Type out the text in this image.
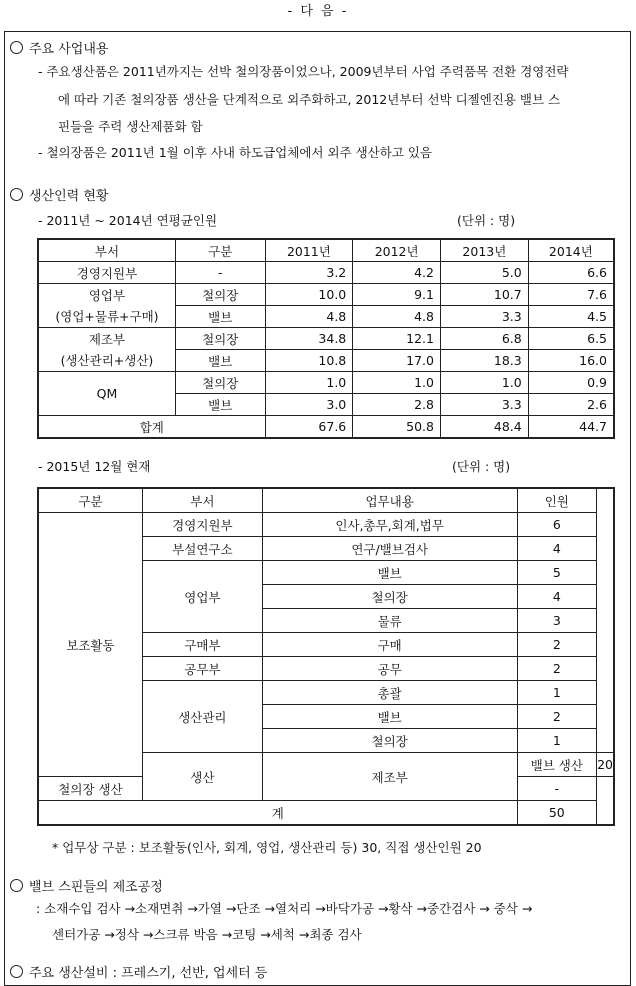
- 다 음 -
주요 사업내용
- 주요생산품은 2011년까지는 선박 철의장품이었으나, 2009년부터 사업 주력품목 전환 경영전략
에 따라 기존 철의장품 생산을 단계적으로 외주화하고, 2012년부터 선박 디젤엔진용 밸브 스
핀들을 주력 생산제품화 함
- 철의장품은 2011년 1월 이후 사내 하도급업체에서 외주 생산하고 있음
생산인력 현황
- 2011년 ~ 2014년 연평균인원	(단위 : 명)
부서	구분	2011년	2012년	2013년	2014년
경영지원부	-	3.2	4.2	5.0	6.6
영업부	철의장	10.0	9.1	10.7	7.6
(영업+물류+구매)	밸브	4.8	4.8	3.3	4.5
제조부	철의장	34.8	12.1	6.8	6.5
(생산관리+생산)	밸브	10.8	17.0	18.3	16.0
QM	철의장	1.0	1.0	1.0	0.9
	밸브	3.0	2.8	3.3	2.6
합계		67.6	50.8	48.4	44.7
- 2015년 12월 현재	(단위 : 명)
구분	부서	업무내용	인원	
보조활동	경영지원부	인사,총무,회계,법무	6	
	부설연구소	연구/밸브검사	4	
	영업부	밸브	5	
		철의장	4	
		물류	3	
	구매부	구매	2	
	공무부	공무	2	
	생산관리	총괄	1	
		밸브	2	
		철의장	1	
	생산	제조부	밸브 생산	20
철의장 생산			-	
계			50	
* 업무상 구분 : 보조활동(인사, 회계, 영업, 생산관리 등) 30, 직접 생산인원 20
밸브 스핀들의 제조공정
: 소재수입 검사 →소재면취 →가열 →단조 →열처리 →바닥가공 →황삭 →중간검사 → 중삭 →
센터가공 →정삭 →스크류 박음 →코팅 →세척 →최종 검사
주요 생산설비 : 프레스기, 선반, 업세터 등
